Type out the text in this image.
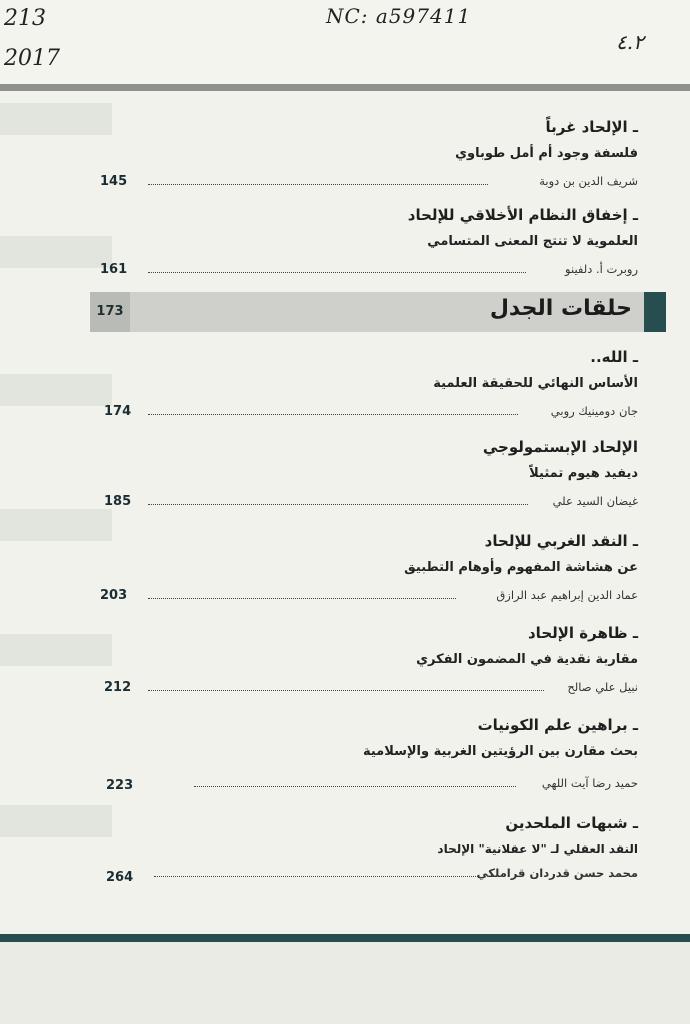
213
2017
NC: a597411
٤.٢
ـ الإلحاد غرباً
فلسفة وجود أم أمل طوباوي
شريف الدين بن دوبة
145
ـ إخفاق النظام الأخلاقي للإلحاد
العلموية لا تنتج المعنى المتسامي
روبرت أ. دلفينو
161
173	حلقات الجدل
ـ الله..
الأساس النهائي للحقيقة العلمية
جان دومينيك روبي
174
الإلحاد الإبستمولوجي
ديفيد هيوم تمثيلاً
غيضان السيد علي
185
ـ النقد الغربي للإلحاد
عن هشاشة المفهوم وأوهام التطبيق
عماد الدين إبراهيم عبد الرازق
203
ـ ظاهرة الإلحاد
مقاربة نقدية في المضمون الفكري
نبيل علي صالح
212
ـ براهين علم الكونيات
بحث مقارن بين الرؤيتين الغربية والإسلامية
حميد رضا آيت اللهي
223
ـ شبهات الملحدين
النقد العقلي لـ "لا عقلانية" الإلحاد
محمد حسن قدردان قراملكي
264
